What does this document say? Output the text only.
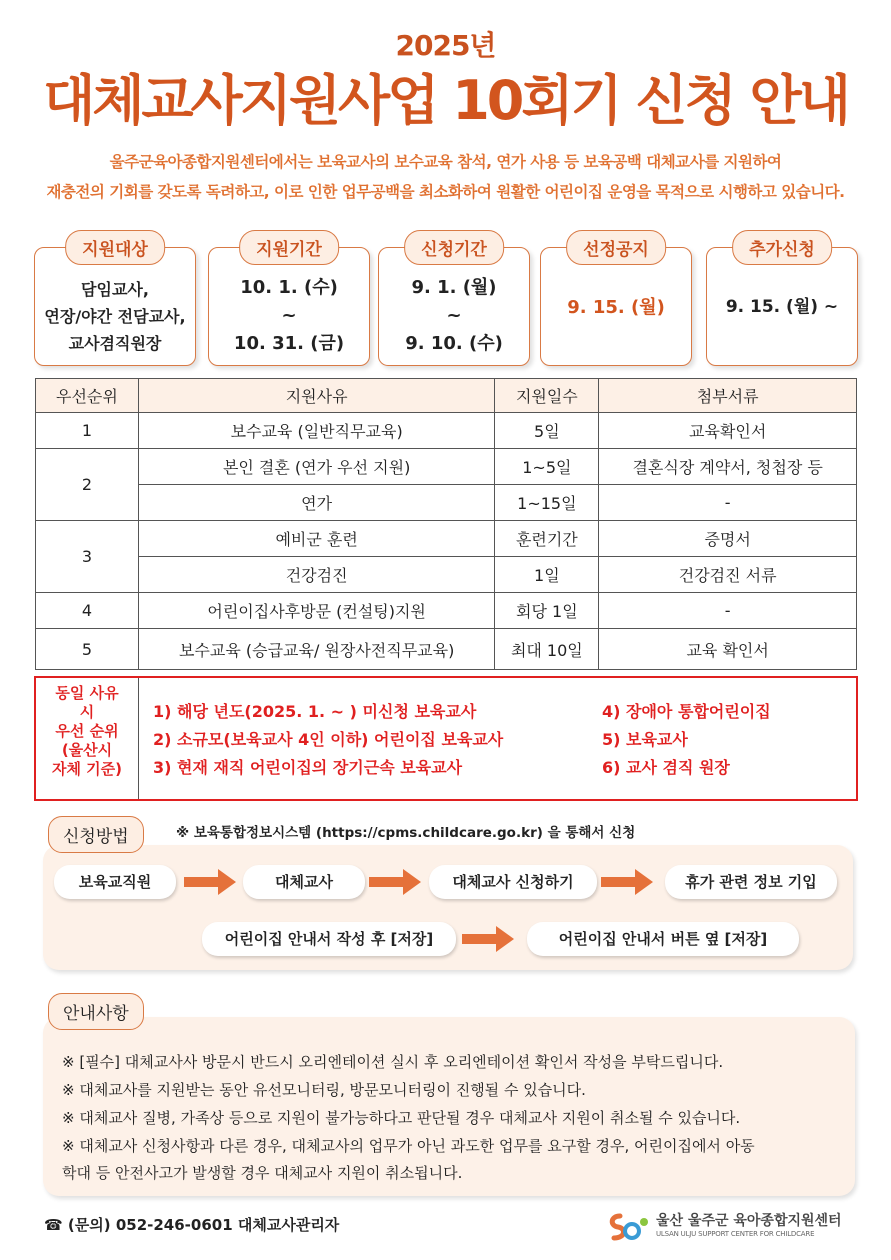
2025년
대체교사지원사업 10회기 신청 안내
울주군육아종합지원센터에서는 보육교사의 보수교육 참석, 연가 사용 등 보육공백 대체교사를 지원하여
재충전의 기회를 갖도록 독려하고, 이로 인한 업무공백을 최소화하여 원활한 어린이집 운영을 목적으로 시행하고 있습니다.
지원대상
담임교사,
연장/야간 전담교사,
교사겸직원장
지원기간
10. 1. (수)
~
10. 31. (금)
신청기간
9. 1. (월)
~
9. 10. (수)
선정공지
9. 15. (월)
추가신청
9. 15. (월) ~
우선순위	지원사유	지원일수	첨부서류
1	보수교육 (일반직무교육)	5일	교육확인서
2	본인 결혼 (연가 우선 지원)	1~5일	결혼식장 계약서, 청첩장 등
	연가	1~15일	-
3	예비군 훈련	훈련기간	증명서
	건강검진	1일	건강검진 서류
4	어린이집사후방문 (컨설팅)지원	회당 1일	-
5	보수교육 (승급교육/ 원장사전직무교육)	최대 10일	교육 확인서
동일 사유
시
우선 순위
(울산시
자체 기준)
1) 해당 년도(2025. 1. ~ ) 미신청 보육교사
2) 소규모(보육교사 4인 이하) 어린이집 보육교사
3) 현재 재직 어린이집의 장기근속 보육교사
4) 장애아 통합어린이집
5) 보육교사
6) 교사 겸직 원장
신청방법	※ 보육통합정보시스템 (https://cpms.childcare.go.kr) 을 통해서 신청
보육교직원	대체교사	대체교사 신청하기	휴가 관련 정보 기입
어린이집 안내서 작성 후 [저장]	어린이집 안내서 버튼 옆 [저장]
안내사항
※ [필수] 대체교사사 방문시 반드시 오리엔테이션 실시 후 오리엔테이션 확인서 작성을 부탁드립니다.
※ 대체교사를 지원받는 동안 유선모니터링, 방문모니터링이 진행될 수 있습니다.
※ 대체교사 질병, 가족상 등으로 지원이 불가능하다고 판단될 경우 대체교사 지원이 취소될 수 있습니다.
※ 대체교사 신청사항과 다른 경우, 대체교사의 업무가 아닌 과도한 업무를 요구할 경우, 어린이집에서 아동
학대 등 안전사고가 발생할 경우 대체교사 지원이 취소됩니다.
☎ (문의) 052-246-0601 대체교사관리자	울산 울주군 육아종합지원센터
ULSAN ULJU SUPPORT CENTER FOR CHILDCARE
